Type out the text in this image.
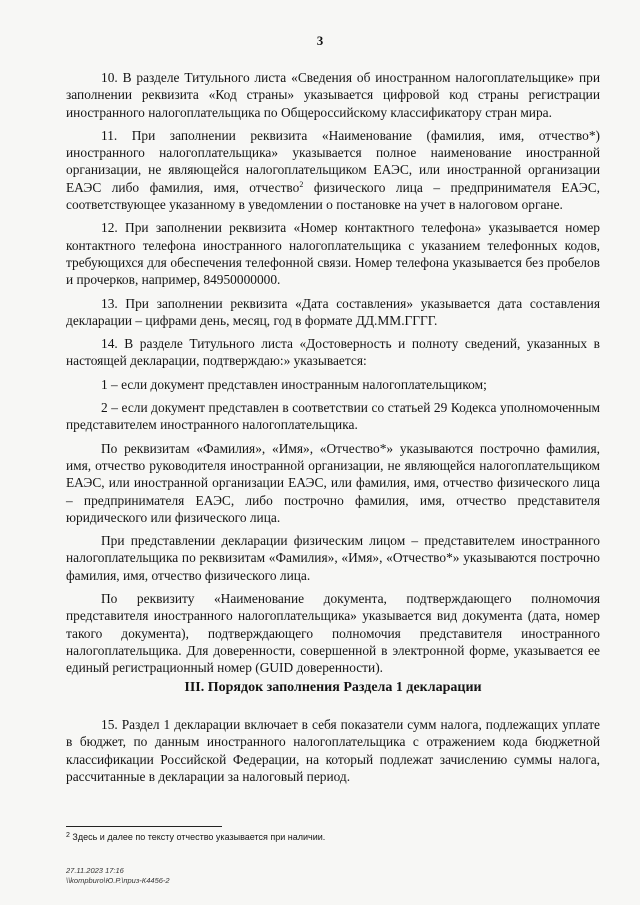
3

10. В разделе Титульного листа «Сведения об иностранном налогоплательщике» при заполнении реквизита «Код страны» указывается цифровой код страны регистрации иностранного налогоплательщика по Общероссийскому классификатору стран мира.

11. При заполнении реквизита «Наименование (фамилия, имя, отчество*) иностранного налогоплательщика» указывается полное наименование иностранной организации, не являющейся налогоплательщиком ЕАЭС, или иностранной организации ЕАЭС либо фамилия, имя, отчество$^2$ физического лица – предпринимателя ЕАЭС, соответствующее указанному в уведомлении о постановке на учет в налоговом органе.

12. При заполнении реквизита «Номер контактного телефона» указывается номер контактного телефона иностранного налогоплательщика с указанием телефонных кодов, требующихся для обеспечения телефонной связи. Номер телефона указывается без пробелов и прочерков, например, 84950000000.

13. При заполнении реквизита «Дата составления» указывается дата составления декларации – цифрами день, месяц, год в формате ДД.ММ.ГГГГ.

14. В разделе Титульного листа «Достоверность и полноту сведений, указанных в настоящей декларации, подтверждаю:» указывается:

1 – если документ представлен иностранным налогоплательщиком;

2 – если документ представлен в соответствии со статьей 29 Кодекса уполномоченным представителем иностранного налогоплательщика.

По реквизитам «Фамилия», «Имя», «Отчество*» указываются построчно фамилия, имя, отчество руководителя иностранной организации, не являющейся налогоплательщиком ЕАЭС, или иностранной организации ЕАЭС, или фамилия, имя, отчество физического лица – предпринимателя ЕАЭС, либо построчно фамилия, имя, отчество представителя юридического или физического лица.

При представлении декларации физическим лицом – представителем иностранного налогоплательщика по реквизитам «Фамилия», «Имя», «Отчество*» указываются построчно фамилия, имя, отчество физического лица.

По реквизиту «Наименование документа, подтверждающего полномочия представителя иностранного налогоплательщика» указывается вид документа (дата, номер такого документа), подтверждающего полномочия представителя иностранного налогоплательщика. Для доверенности, совершенной в электронной форме, указывается ее единый регистрационный номер (GUID доверенности).

III. Порядок заполнения Раздела 1 декларации

15. Раздел 1 декларации включает в себя показатели сумм налога, подлежащих уплате в бюджет, по данным иностранного налогоплательщика с отражением кода бюджетной классификации Российской Федерации, на который подлежат зачислению суммы налога, рассчитанные в декларации за налоговый период.

$^2$ Здесь и далее по тексту отчество указывается при наличии.
27.11.2023 17:16
\\kompburo\Ю.Р.\приз-К4456-2
